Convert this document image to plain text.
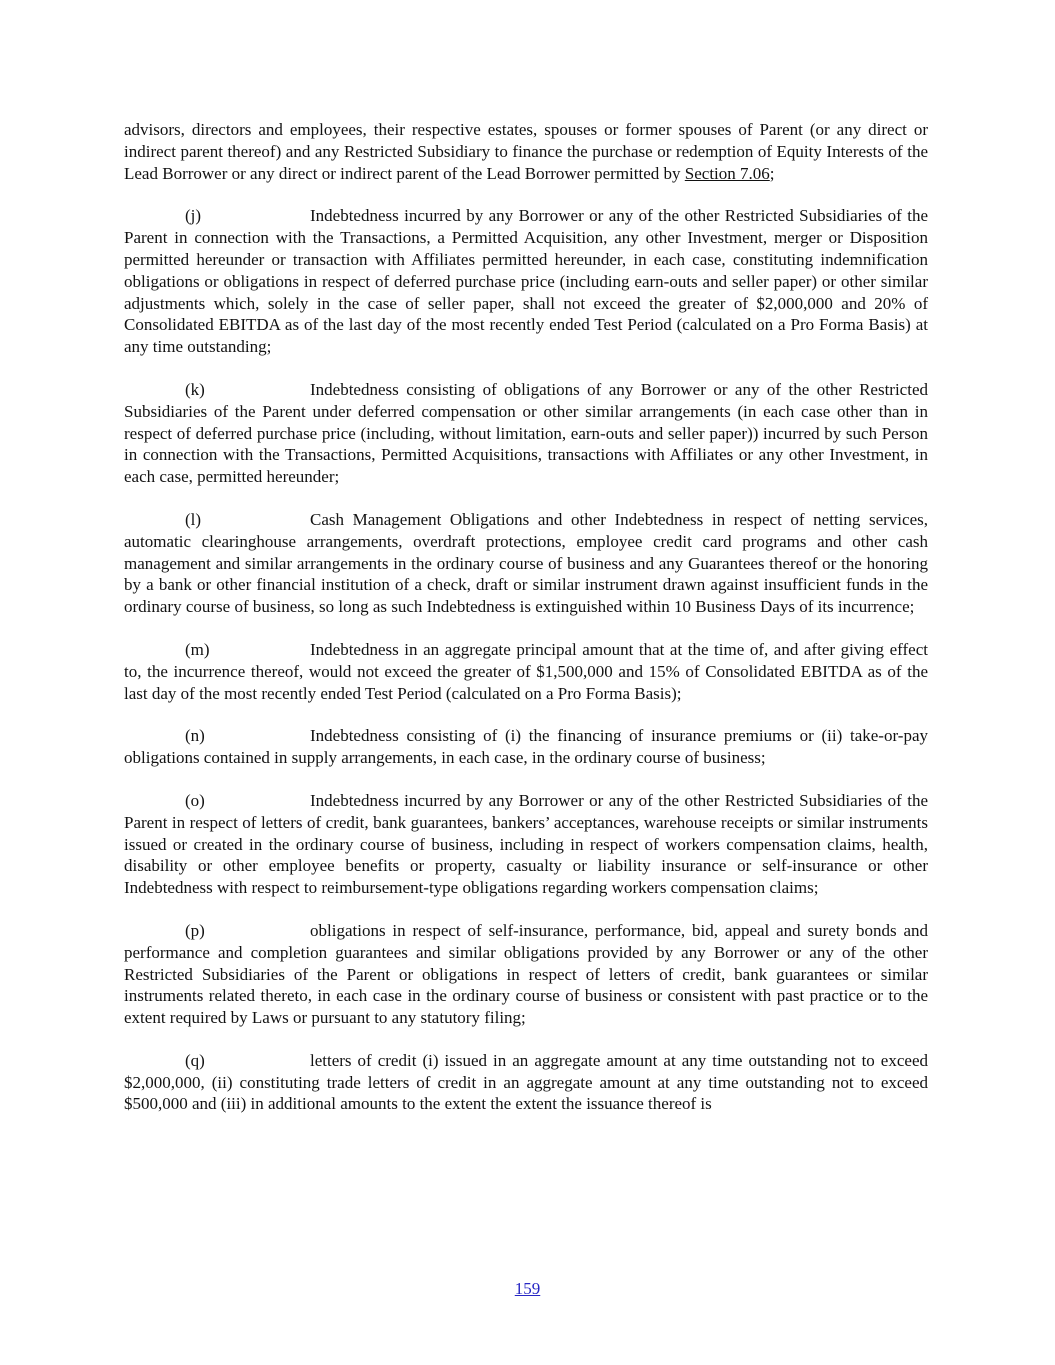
advisors, directors and employees, their respective estates, spouses or former spouses of Parent (or any direct or indirect parent thereof) and any Restricted Subsidiary to finance the purchase or redemption of Equity Interests of the Lead Borrower or any direct or indirect parent of the Lead Borrower permitted by Section 7.06;

(j)	Indebtedness incurred by any Borrower or any of the other Restricted Subsidiaries of the Parent in connection with the Transactions, a Permitted Acquisition, any other Investment, merger or Disposition permitted hereunder or transaction with Affiliates permitted hereunder, in each case, constituting indemnification obligations or obligations in respect of deferred purchase price (including earn-outs and seller paper) or other similar adjustments which, solely in the case of seller paper, shall not exceed the greater of $2,000,000 and 20% of Consolidated EBITDA as of the last day of the most recently ended Test Period (calculated on a Pro Forma Basis) at any time outstanding;

(k)	Indebtedness consisting of obligations of any Borrower or any of the other Restricted Subsidiaries of the Parent under deferred compensation or other similar arrangements (in each case other than in respect of deferred purchase price (including, without limitation, earn-outs and seller paper)) incurred by such Person in connection with the Transactions, Permitted Acquisitions, transactions with Affiliates or any other Investment, in each case, permitted hereunder;

(l)	Cash Management Obligations and other Indebtedness in respect of netting services, automatic clearinghouse arrangements, overdraft protections, employee credit card programs and other cash management and similar arrangements in the ordinary course of business and any Guarantees thereof or the honoring by a bank or other financial institution of a check, draft or similar instrument drawn against insufficient funds in the ordinary course of business, so long as such Indebtedness is extinguished within 10 Business Days of its incurrence;

(m)	Indebtedness in an aggregate principal amount that at the time of, and after giving effect to, the incurrence thereof, would not exceed the greater of $1,500,000 and 15% of Consolidated EBITDA as of the last day of the most recently ended Test Period (calculated on a Pro Forma Basis);

(n)	Indebtedness consisting of (i) the financing of insurance premiums or (ii) take-or-pay obligations contained in supply arrangements, in each case, in the ordinary course of business;

(o)	Indebtedness incurred by any Borrower or any of the other Restricted Subsidiaries of the Parent in respect of letters of credit, bank guarantees, bankers’ acceptances, warehouse receipts or similar instruments issued or created in the ordinary course of business, including in respect of workers compensation claims, health, disability or other employee benefits or property, casualty or liability insurance or self-insurance or other Indebtedness with respect to reimbursement-type obligations regarding workers compensation claims;

(p)	obligations in respect of self-insurance, performance, bid, appeal and surety bonds and performance and completion guarantees and similar obligations provided by any Borrower or any of the other Restricted Subsidiaries of the Parent or obligations in respect of letters of credit, bank guarantees or similar instruments related thereto, in each case in the ordinary course of business or consistent with past practice or to the extent required by Laws or pursuant to any statutory filing;

(q)	letters of credit (i) issued in an aggregate amount at any time outstanding not to exceed $2,000,000, (ii) constituting trade letters of credit in an aggregate amount at any time outstanding not to exceed $500,000 and (iii) in additional amounts to the extent the extent the issuance thereof is

159
